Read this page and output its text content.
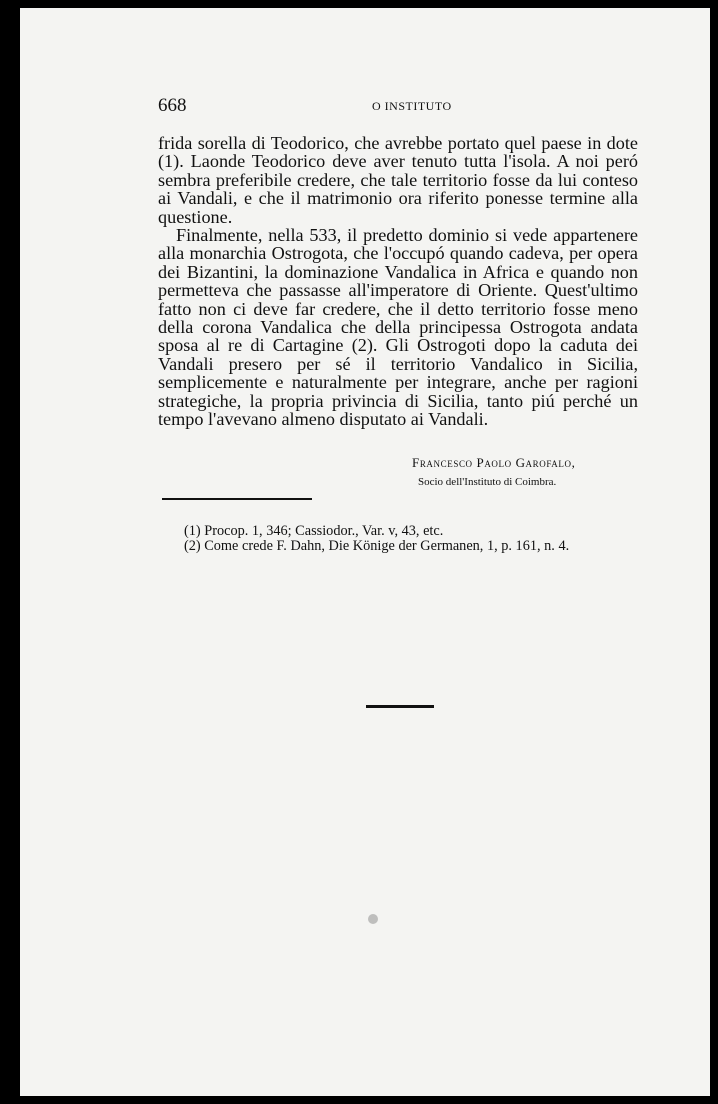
668	O INSTITUTO

frida sorella di Teodorico, che avrebbe portato quel paese in dote (1). Laonde Teodorico deve aver tenuto tutta l'isola. A noi peró sembra preferibile credere, che tale territorio fosse da lui conteso ai Vandali, e che il matrimonio ora riferito ponesse termine alla questione.

Finalmente, nella 533, il predetto dominio si vede appartenere alla monarchia Ostrogota, che l'occupó quando cadeva, per opera dei Bizantini, la dominazione Vandalica in Africa e quando non permetteva che passasse all'imperatore di Oriente. Quest'ultimo fatto non ci deve far credere, che il detto territorio fosse meno della corona Vandalica che della principessa Ostrogota andata sposa al re di Cartagine (2). Gli Ostrogoti dopo la caduta dei Vandali presero per sé il territorio Vandalico in Sicilia, semplicemente e naturalmente per integrare, anche per ragioni strategiche, la propria privincia di Sicilia, tanto piú perché un tempo l'avevano almeno disputato ai Vandali.

Francesco Paolo Garofalo,
Socio dell'Instituto di Coimbra.
(1) Procop. 1, 346; Cassiodor., Var. v, 43, etc.
(2) Come crede F. Dahn, Die Könige der Germanen, 1, p. 161, n. 4.
